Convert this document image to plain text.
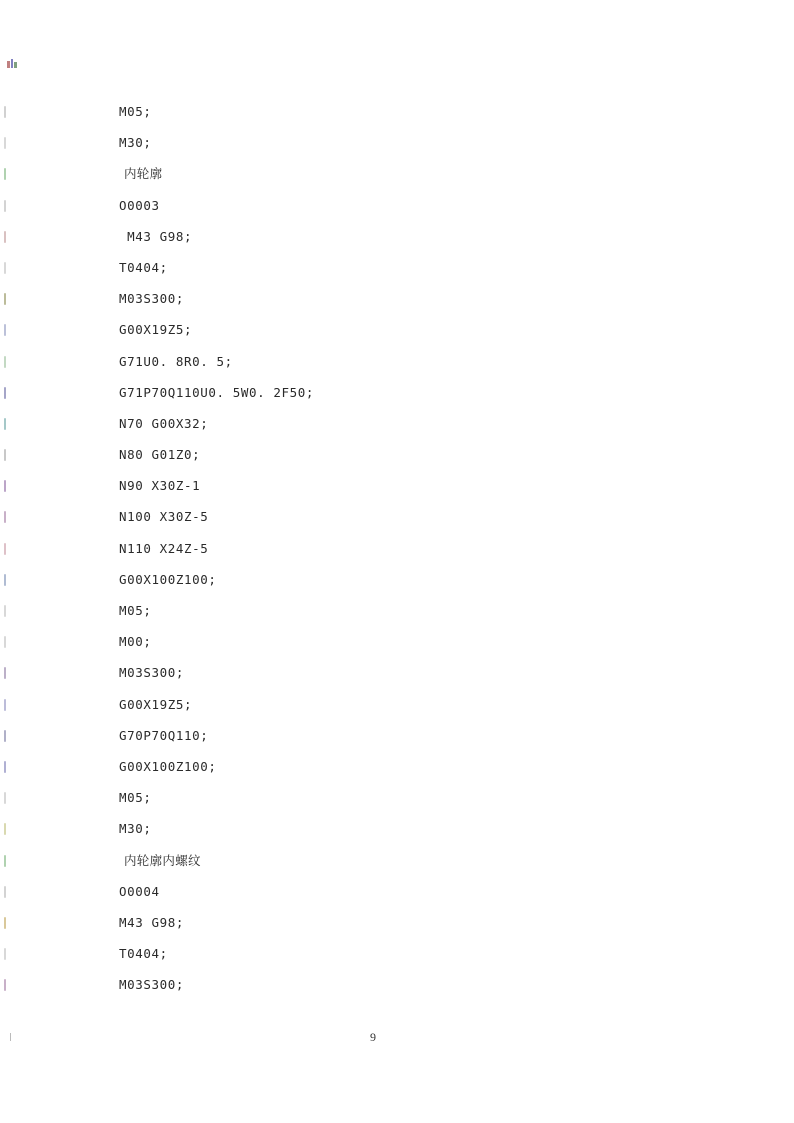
M05;
M30;
内轮廓
O0003
M43 G98;
T0404;
M03S300;
G00X19Z5;
G71U0. 8R0. 5;
G71P70Q110U0. 5W0. 2F50;
N70 G00X32;
N80 G01Z0;
N90 X30Z-1
N100 X30Z-5
N110 X24Z-5
G00X100Z100;
M05;
M00;
M03S300;
G00X19Z5;
G70P70Q110;
G00X100Z100;
M05;
M30;
内轮廓内螺纹
O0004
M43 G98;
T0404;
M03S300;
9
